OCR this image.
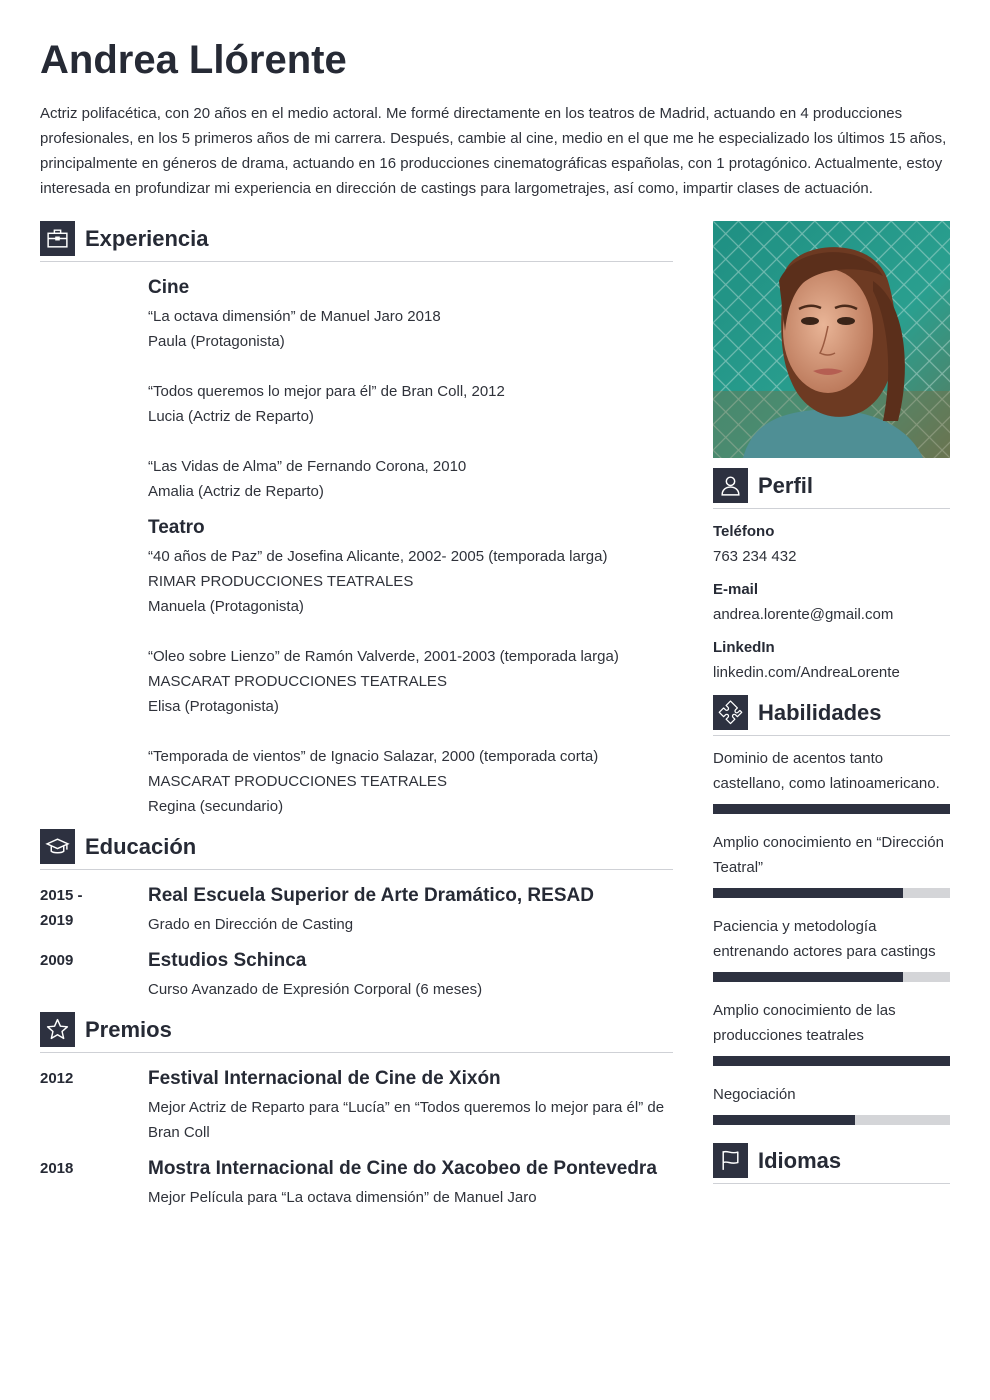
Andrea Llórente
Actriz polifacética, con 20 años en el medio actoral. Me formé directamente en los teatros de Madrid, actuando en 4 producciones profesionales, en los 5 primeros años de mi carrera. Después, cambie al cine, medio en el que me he especializado los últimos 15 años, principalmente en géneros de drama, actuando en 16 producciones cinematográficas españolas, con 1 protagónico. Actualmente, estoy interesada en profundizar mi experiencia en dirección de castings para largometrajes, así como, impartir clases de actuación.
Experiencia
Cine
“La octava dimensión” de Manuel Jaro 2018
Paula (Protagonista)
“Todos queremos lo mejor para él” de Bran Coll, 2012
Lucia (Actriz de Reparto)
“Las Vidas de Alma” de Fernando Corona, 2010
Amalia (Actriz de Reparto)
Teatro
“40 años de Paz” de Josefina Alicante, 2002- 2005 (temporada larga)
RIMAR PRODUCCIONES TEATRALES
Manuela (Protagonista)
“Oleo sobre Lienzo” de Ramón Valverde, 2001-2003 (temporada larga)
MASCARAT PRODUCCIONES TEATRALES
Elisa (Protagonista)
“Temporada de vientos” de Ignacio Salazar, 2000 (temporada corta)
MASCARAT PRODUCCIONES TEATRALES
Regina (secundario)
Educación
2015 -
2019
Real Escuela Superior de Arte Dramático, RESAD
Grado en Dirección de Casting
2009	Estudios Schinca
Curso Avanzado de Expresión Corporal (6 meses)
Premios
2012	Festival Internacional de Cine de Xixón
Mejor Actriz de Reparto para “Lucía” en “Todos queremos lo mejor para él” de Bran Coll
2018	Mostra Internacional de Cine do Xacobeo de Pontevedra
Mejor Película para “La octava dimensión” de Manuel Jaro
Perfil
Teléfono
763 234 432
E-mail
andrea.lorente@gmail.com
LinkedIn
linkedin.com/AndreaLorente
Habilidades
Dominio de acentos tanto castellano, como latinoamericano.
Amplio conocimiento en “Dirección Teatral”
Paciencia y metodología entrenando actores para castings
Amplio conocimiento de las producciones teatrales
Negociación
Idiomas
